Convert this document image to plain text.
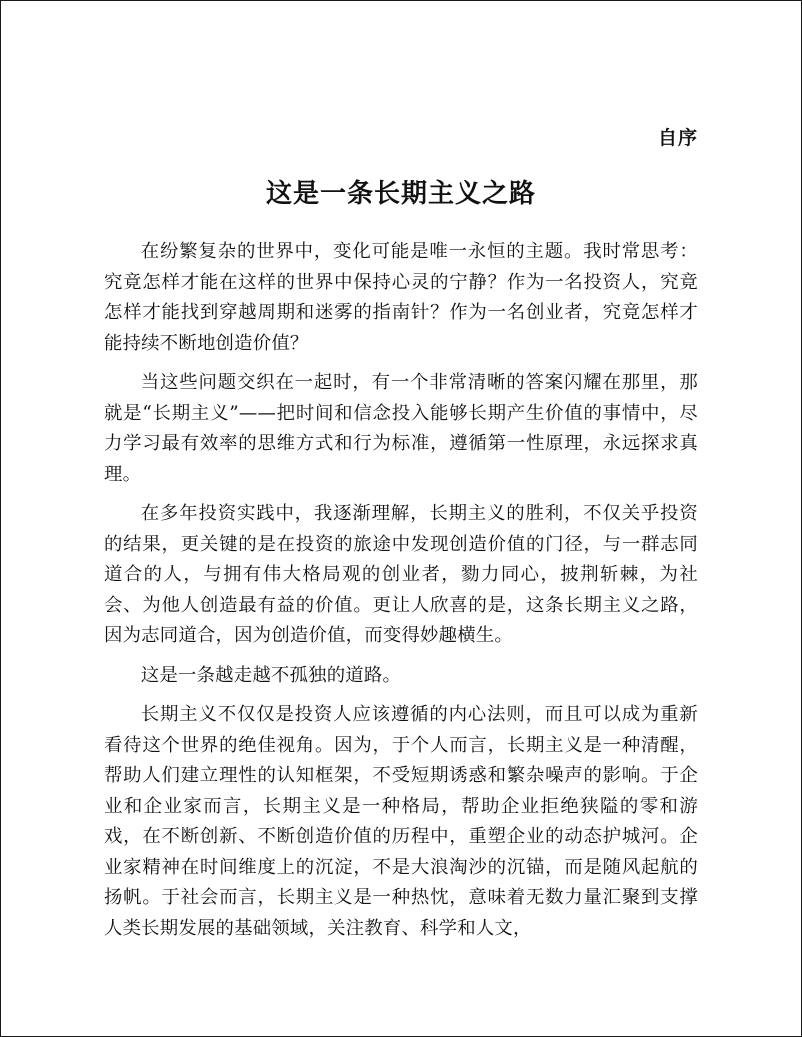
自序
这是一条长期主义之路

在纷繁复杂的世界中，变化可能是唯一永恒的主题。我时常思考：究竟怎样才能在这样的世界中保持心灵的宁静？作为一名投资人，究竟怎样才能找到穿越周期和迷雾的指南针？作为一名创业者，究竟怎样才能持续不断地创造价值？

当这些问题交织在一起时，有一个非常清晰的答案闪耀在那里，那就是“长期主义”——把时间和信念投入能够长期产生价值的事情中，尽力学习最有效率的思维方式和行为标准，遵循第一性原理，永远探求真理。

在多年投资实践中，我逐渐理解，长期主义的胜利，不仅关乎投资的结果，更关键的是在投资的旅途中发现创造价值的门径，与一群志同道合的人，与拥有伟大格局观的创业者，勠力同心，披荆斩棘，为社会、为他人创造最有益的价值。更让人欣喜的是，这条长期主义之路，因为志同道合，因为创造价值，而变得妙趣横生。

这是一条越走越不孤独的道路。

长期主义不仅仅是投资人应该遵循的内心法则，而且可以成为重新看待这个世界的绝佳视角。因为，于个人而言，长期主义是一种清醒，帮助人们建立理性的认知框架，不受短期诱惑和繁杂噪声的影响。于企业和企业家而言，长期主义是一种格局，帮助企业拒绝狭隘的零和游戏，在不断创新、不断创造价值的历程中，重塑企业的动态护城河。企业家精神在时间维度上的沉淀，不是大浪淘沙的沉锚，而是随风起航的扬帆。于社会而言，长期主义是一种热忱，意味着无数力量汇聚到支撑人类长期发展的基础领域，关注教育、科学和人文，
